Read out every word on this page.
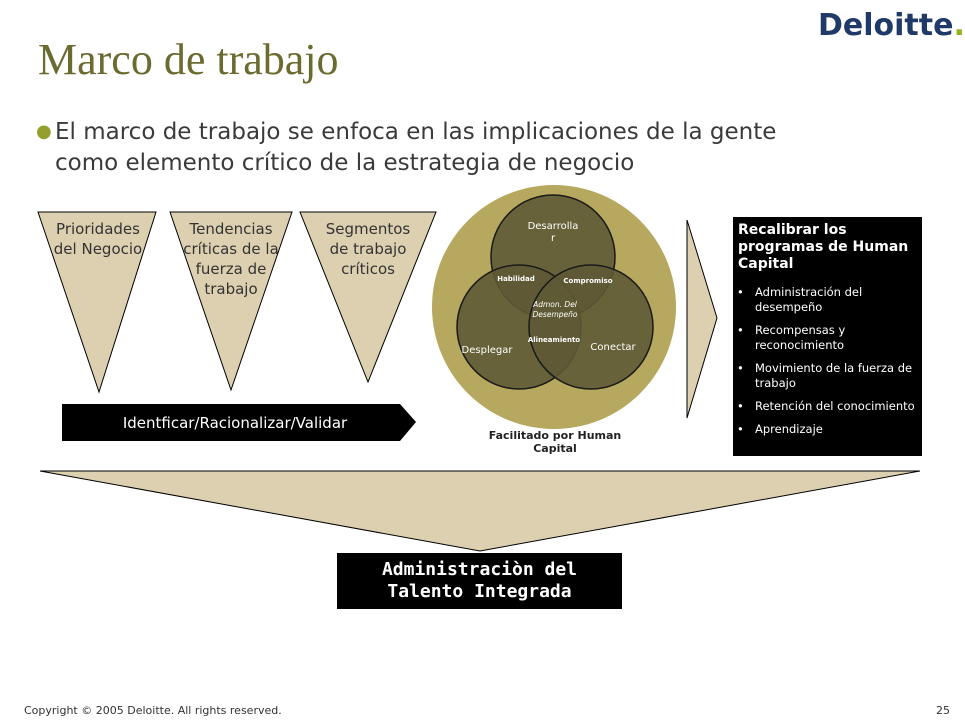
Marco de trabajo
Deloitte.
● El marco de trabajo se enfoca en las implicaciones de la gente
como elemento crítico de la estrategia de negocio
Prioridades
del Negocio
Tendencias
críticas de la
fuerza de
trabajo
Segmentos
de trabajo
críticos
Identficar/Racionalizar/Validar
Desarrolla
r
Habilidad	Compromiso
Admon. Del
Desempeño
Alineamiento
Desplegar	Conectar
Facilitado por Human
Capital
Recalibrar los programas de Human Capital
• Administración del desempeño
• Recompensas y reconocimiento
• Movimiento de la fuerza de trabajo
• Retención del conocimiento
• Aprendizaje
Administraciòn del
Talento Integrada
Copyright © 2005 Deloitte. All rights reserved.	25
